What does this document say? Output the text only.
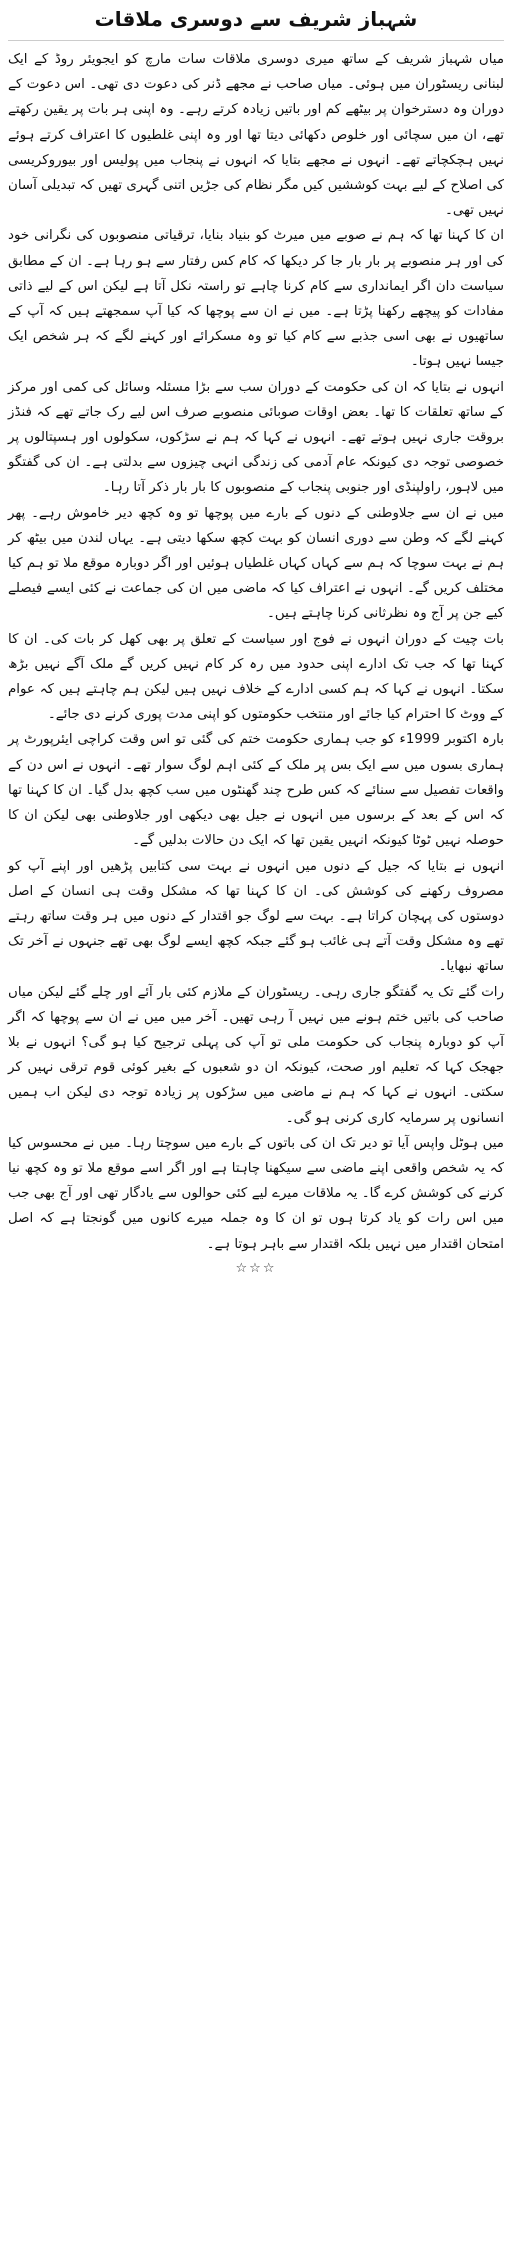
شہباز شریف سے دوسری ملاقات

میاں شہباز شریف کے ساتھ میری دوسری ملاقات سات مارچ کو ایجویئر روڈ کے ایک لبنانی ریسٹوران میں ہوئی۔ میاں صاحب نے مجھے ڈنر کی دعوت دی تھی۔ اس دعوت کے دوران وہ دسترخوان پر بیٹھے کم اور باتیں زیادہ کرتے رہے۔ وہ اپنی ہر بات پر یقین رکھتے تھے، ان میں سچائی اور خلوص دکھائی دیتا تھا اور وہ اپنی غلطیوں کا اعتراف کرتے ہوئے نہیں ہچکچاتے تھے۔ انہوں نے مجھے بتایا کہ انہوں نے پنجاب میں پولیس اور بیوروکریسی کی اصلاح کے لیے بہت کوششیں کیں مگر نظام کی جڑیں اتنی گہری تھیں کہ تبدیلی آسان نہیں تھی۔

ان کا کہنا تھا کہ ہم نے صوبے میں میرٹ کو بنیاد بنایا، ترقیاتی منصوبوں کی نگرانی خود کی اور ہر منصوبے پر بار بار جا کر دیکھا کہ کام کس رفتار سے ہو رہا ہے۔ ان کے مطابق سیاست دان اگر ایمانداری سے کام کرنا چاہے تو راستہ نکل آتا ہے لیکن اس کے لیے ذاتی مفادات کو پیچھے رکھنا پڑتا ہے۔ میں نے ان سے پوچھا کہ کیا آپ سمجھتے ہیں کہ آپ کے ساتھیوں نے بھی اسی جذبے سے کام کیا تو وہ مسکرائے اور کہنے لگے کہ ہر شخص ایک جیسا نہیں ہوتا۔

انہوں نے بتایا کہ ان کی حکومت کے دوران سب سے بڑا مسئلہ وسائل کی کمی اور مرکز کے ساتھ تعلقات کا تھا۔ بعض اوقات صوبائی منصوبے صرف اس لیے رک جاتے تھے کہ فنڈز بروقت جاری نہیں ہوتے تھے۔ انہوں نے کہا کہ ہم نے سڑکوں، سکولوں اور ہسپتالوں پر خصوصی توجہ دی کیونکہ عام آدمی کی زندگی انہی چیزوں سے بدلتی ہے۔ ان کی گفتگو میں لاہور، راولپنڈی اور جنوبی پنجاب کے منصوبوں کا بار بار ذکر آتا رہا۔

میں نے ان سے جلاوطنی کے دنوں کے بارے میں پوچھا تو وہ کچھ دیر خاموش رہے۔ پھر کہنے لگے کہ وطن سے دوری انسان کو بہت کچھ سکھا دیتی ہے۔ یہاں لندن میں بیٹھ کر ہم نے بہت سوچا کہ ہم سے کہاں کہاں غلطیاں ہوئیں اور اگر دوبارہ موقع ملا تو ہم کیا مختلف کریں گے۔ انہوں نے اعتراف کیا کہ ماضی میں ان کی جماعت نے کئی ایسے فیصلے کیے جن پر آج وہ نظرثانی کرنا چاہتے ہیں۔

بات چیت کے دوران انہوں نے فوج اور سیاست کے تعلق پر بھی کھل کر بات کی۔ ان کا کہنا تھا کہ جب تک ادارے اپنی حدود میں رہ کر کام نہیں کریں گے ملک آگے نہیں بڑھ سکتا۔ انہوں نے کہا کہ ہم کسی ادارے کے خلاف نہیں ہیں لیکن ہم چاہتے ہیں کہ عوام کے ووٹ کا احترام کیا جائے اور منتخب حکومتوں کو اپنی مدت پوری کرنے دی جائے۔

بارہ اکتوبر 1999ء کو جب ہماری حکومت ختم کی گئی تو اس وقت کراچی ایئرپورٹ پر ہماری بسوں میں سے ایک بس پر ملک کے کئی اہم لوگ سوار تھے۔ انہوں نے اس دن کے واقعات تفصیل سے سنائے کہ کس طرح چند گھنٹوں میں سب کچھ بدل گیا۔ ان کا کہنا تھا کہ اس کے بعد کے برسوں میں انہوں نے جیل بھی دیکھی اور جلاوطنی بھی لیکن ان کا حوصلہ نہیں ٹوٹا کیونکہ انہیں یقین تھا کہ ایک دن حالات بدلیں گے۔

انہوں نے بتایا کہ جیل کے دنوں میں انہوں نے بہت سی کتابیں پڑھیں اور اپنے آپ کو مصروف رکھنے کی کوشش کی۔ ان کا کہنا تھا کہ مشکل وقت ہی انسان کے اصل دوستوں کی پہچان کراتا ہے۔ بہت سے لوگ جو اقتدار کے دنوں میں ہر وقت ساتھ رہتے تھے وہ مشکل وقت آتے ہی غائب ہو گئے جبکہ کچھ ایسے لوگ بھی تھے جنہوں نے آخر تک ساتھ نبھایا۔

رات گئے تک یہ گفتگو جاری رہی۔ ریسٹوران کے ملازم کئی بار آئے اور چلے گئے لیکن میاں صاحب کی باتیں ختم ہونے میں نہیں آ رہی تھیں۔ آخر میں میں نے ان سے پوچھا کہ اگر آپ کو دوبارہ پنجاب کی حکومت ملی تو آپ کی پہلی ترجیح کیا ہو گی؟ انہوں نے بلا جھجک کہا کہ تعلیم اور صحت، کیونکہ ان دو شعبوں کے بغیر کوئی قوم ترقی نہیں کر سکتی۔ انہوں نے کہا کہ ہم نے ماضی میں سڑکوں پر زیادہ توجہ دی لیکن اب ہمیں انسانوں پر سرمایہ کاری کرنی ہو گی۔

میں ہوٹل واپس آیا تو دیر تک ان کی باتوں کے بارے میں سوچتا رہا۔ میں نے محسوس کیا کہ یہ شخص واقعی اپنے ماضی سے سیکھنا چاہتا ہے اور اگر اسے موقع ملا تو وہ کچھ نیا کرنے کی کوشش کرے گا۔ یہ ملاقات میرے لیے کئی حوالوں سے یادگار تھی اور آج بھی جب میں اس رات کو یاد کرتا ہوں تو ان کا وہ جملہ میرے کانوں میں گونجتا ہے کہ اصل امتحان اقتدار میں نہیں بلکہ اقتدار سے باہر ہوتا ہے۔

☆☆☆
